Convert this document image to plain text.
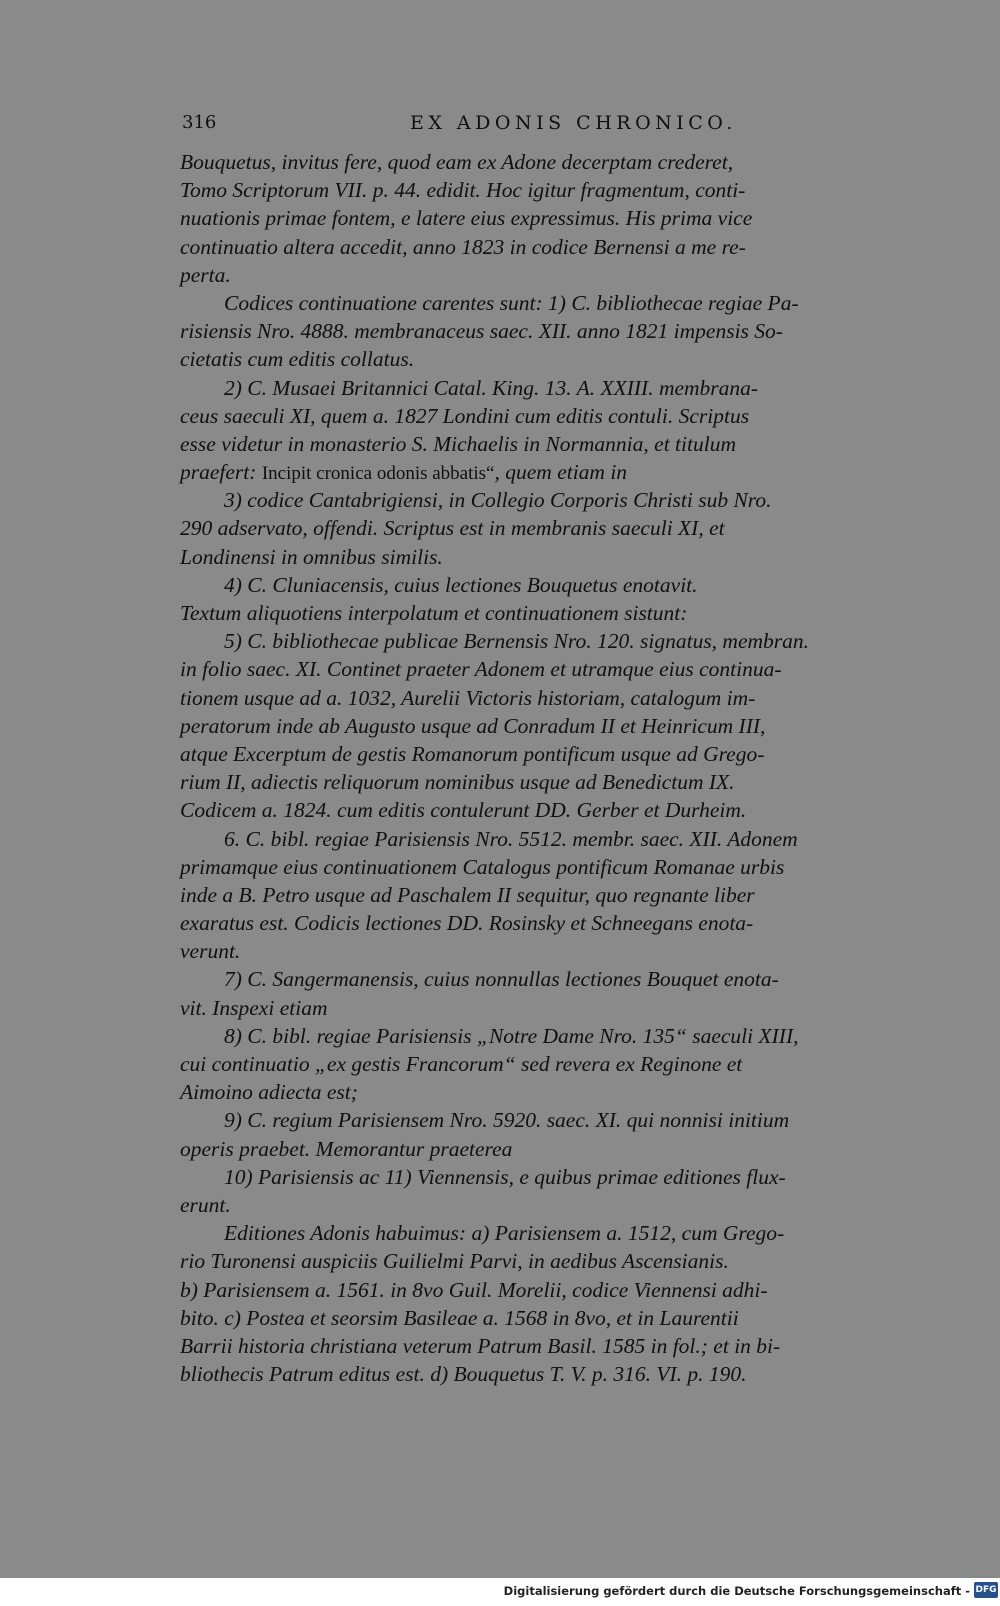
316	EX ADONIS CHRONICO.
Bouquetus, invitus fere, quod eam ex Adone decerptam crederet,
Tomo Scriptorum VII. p. 44. edidit. Hoc igitur fragmentum, conti-
nuationis primae fontem, e latere eius expressimus. His prima vice
continuatio altera accedit, anno 1823 in codice Bernensi a me re-
perta.
Codices continuatione carentes sunt: 1) C. bibliothecae regiae Pa-
risiensis Nro. 4888. membranaceus saec. XII. anno 1821 impensis So-
cietatis cum editis collatus.
2) C. Musaei Britannici Catal. King. 13. A. XXIII. membrana-
ceus saeculi XI, quem a. 1827 Londini cum editis contuli. Scriptus
esse videtur in monasterio S. Michaelis in Normannia, et titulum
praefert: Incipit cronica odonis abbatis“, quem etiam in
3) codice Cantabrigiensi, in Collegio Corporis Christi sub Nro.
290 adservato, offendi. Scriptus est in membranis saeculi XI, et
Londinensi in omnibus similis.
4) C. Cluniacensis, cuius lectiones Bouquetus enotavit.
Textum aliquotiens interpolatum et continuationem sistunt:
5) C. bibliothecae publicae Bernensis Nro. 120. signatus, membran.
in folio saec. XI. Continet praeter Adonem et utramque eius continua-
tionem usque ad a. 1032, Aurelii Victoris historiam, catalogum im-
peratorum inde ab Augusto usque ad Conradum II et Heinricum III,
atque Excerptum de gestis Romanorum pontificum usque ad Grego-
rium II, adiectis reliquorum nominibus usque ad Benedictum IX.
Codicem a. 1824. cum editis contulerunt DD. Gerber et Durheim.
6. C. bibl. regiae Parisiensis Nro. 5512. membr. saec. XII. Adonem
primamque eius continuationem Catalogus pontificum Romanae urbis
inde a B. Petro usque ad Paschalem II sequitur, quo regnante liber
exaratus est. Codicis lectiones DD. Rosinsky et Schneegans enota-
verunt.
7) C. Sangermanensis, cuius nonnullas lectiones Bouquet enota-
vit. Inspexi etiam
8) C. bibl. regiae Parisiensis „Notre Dame Nro. 135“ saeculi XIII,
cui continuatio „ex gestis Francorum“ sed revera ex Reginone et
Aimoino adiecta est;
9) C. regium Parisiensem Nro. 5920. saec. XI. qui nonnisi initium
operis praebet. Memorantur praeterea
10) Parisiensis ac 11) Viennensis, e quibus primae editiones flux-
erunt.
Editiones Adonis habuimus: a) Parisiensem a. 1512, cum Grego-
rio Turonensi auspiciis Guilielmi Parvi, in aedibus Ascensianis.
b) Parisiensem a. 1561. in 8vo Guil. Morelii, codice Viennensi adhi-
bito. c) Postea et seorsim Basileae a. 1568 in 8vo, et in Laurentii
Barrii historia christiana veterum Patrum Basil. 1585 in fol.; et in bi-
bliothecis Patrum editus est. d) Bouquetus T. V. p. 316. VI. p. 190.
Digitalisierung gefördert durch die Deutsche Forschungsgemeinschaft - DFG
